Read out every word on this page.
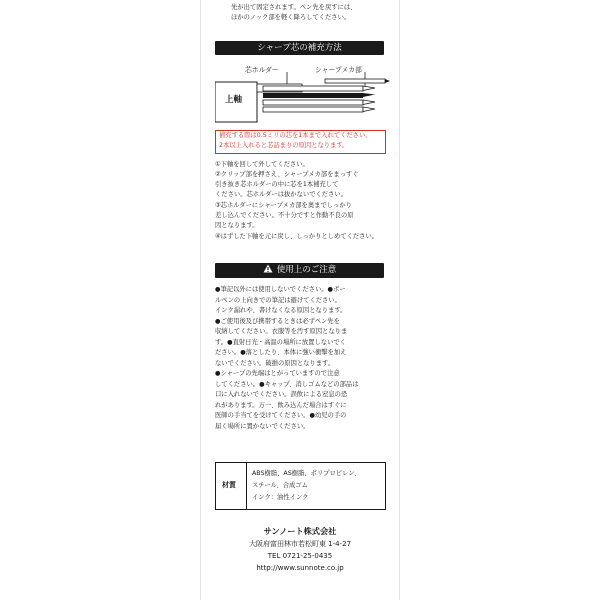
先が出て固定されます。ペン先を戻すには、
ほかのノック部を軽く降ろしてください。
シャープ芯の補充方法
芯ホルダー	シャープメカ部
上軸
補充する際は0.5ミリの芯を1本まで入れてください。
2本以上入れると芯詰まりの原因となります。
①下軸を回して外してください。
②クリップ部を押さえ、シャープメカ部をまっすぐ
引き抜き芯ホルダーの中に芯を1本補充して
ください。芯ホルダーは抜かないでください。
③芯ホルダーにシャープメカ部を奥までしっかり
差し込んでください。不十分ですと作動不良の原
因となります。
④はずした下軸を元に戻し、しっかりとしめてください。
使用上のご注意
●筆記以外には使用しないでください。●ボー
ルペンの上向きでの筆記は避けてください。
インク漏れや、書けなくなる原因となります。
●ご使用後及び携帯するときは必ずペン先を
収納してください。衣服等を汚す原因となりま
す。●直射日光・高温の場所に放置しないでく
ださい。●落としたり、本体に強い衝撃を加え
ないでください。破損の原因となります。
●シャープの先端はとがっていますので注意
してください。●キャップ、消しゴムなどの部品は
口に入れないでください。誤飲による窒息の恐
れがあります。万一、飲み込んだ場合はすぐに
医師の手当てを受けてください。●幼児の手の
届く場所に置かないでください。
材質
ABS樹脂、AS樹脂、ポリプロピレン、
スチール、合成ゴム
インク：油性インク
サンノート株式会社
大阪府富田林市若松町東 1-4-27
TEL 0721-25-0435
http://www.sunnote.co.jp
